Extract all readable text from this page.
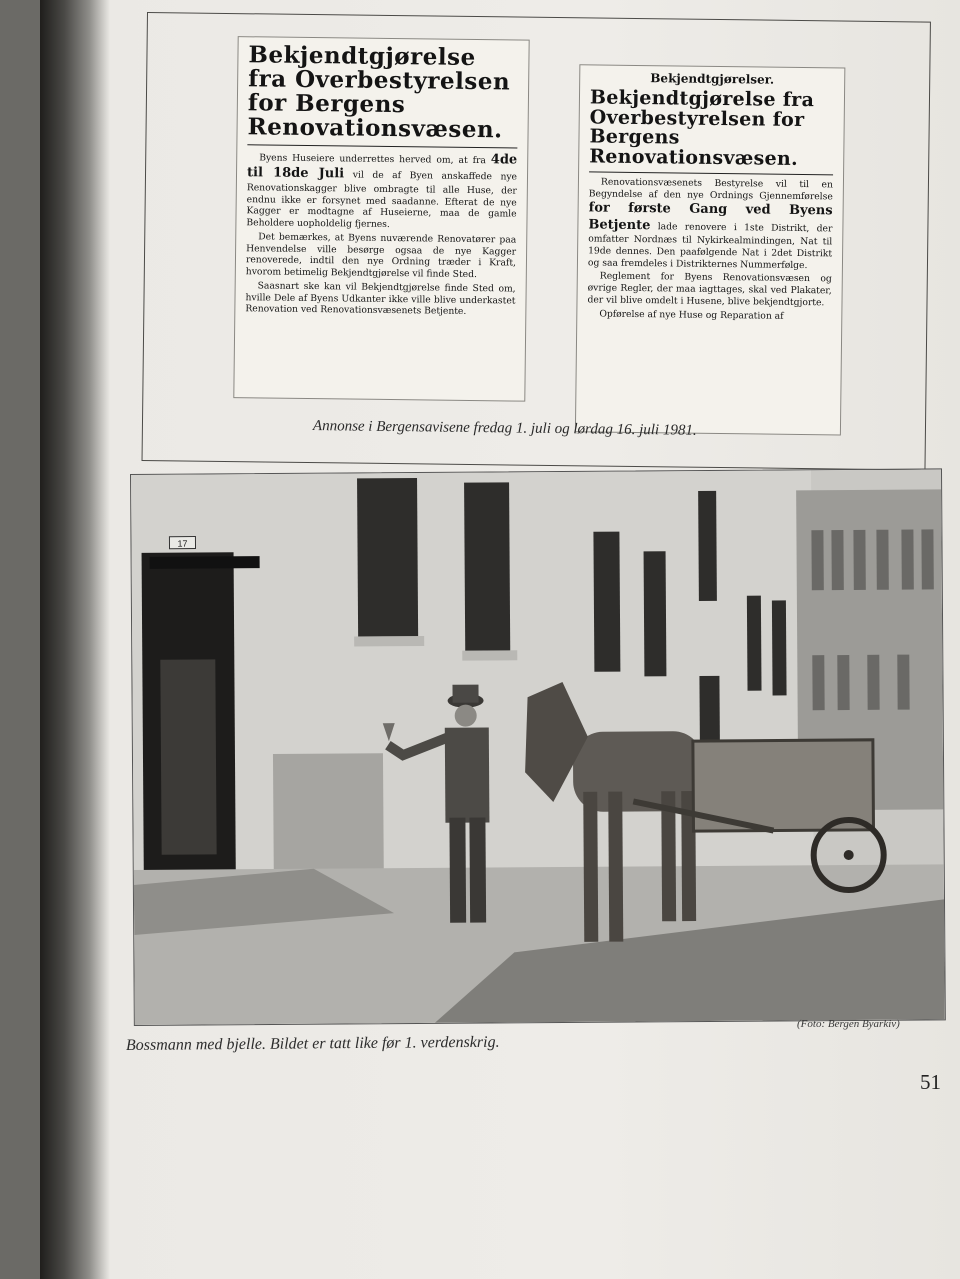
Bekjendtgjørelse fra Overbestyrelsen for Bergens Renovationsvæsen.

Byens Huseiere underrettes herved om, at fra 4de til 18de Juli vil de af Byen anskaffede nye Renovationskagger blive ombragte til alle Huse, der endnu ikke er forsynet med saadanne. Efterat de nye Kagger er modtagne af Huseierne, maa de gamle Beholdere uopholdelig fjernes.

Det bemærkes, at Byens nuværende Renovatører paa Henvendelse ville besørge ogsaa de nye Kagger renoverede, indtil den nye Ordning træder i Kraft, hvorom betimelig Bekjendtgjørelse vil finde Sted.

Saasnart ske kan vil Bekjendtgjørelse finde Sted om, hville Dele af Byens Udkanter ikke ville blive underkastet Renovation ved Renovationsvæsenets Betjente.

Bekjendtgjørelser.

Bekjendtgjørelse fra Overbestyrelsen for Bergens Renovationsvæsen.

Renovationsvæsenets Bestyrelse vil til en Begyndelse af den nye Ordnings Gjennemførelse for første Gang ved Byens Betjente lade renovere i 1ste Distrikt, der omfatter Nordnæs til Nykirkealmindingen, Nat til 19de dennes. Den paafølgende Nat i 2det Distrikt og saa fremdeles i Distrikternes Nummerfølge.

Reglement for Byens Renovationsvæsen og øvrige Regler, der maa iagttages, skal ved Plakater, der vil blive omdelt i Husene, blive bekjendtgjorte.

Opførelse af nye Huse og Reparation af

Annonse i Bergensavisene fredag 1. juli og lørdag 16. juli 1981.
17
(Foto: Bergen Byarkiv)
Bossmann med bjelle. Bildet er tatt like før 1. verdenskrig.
51
